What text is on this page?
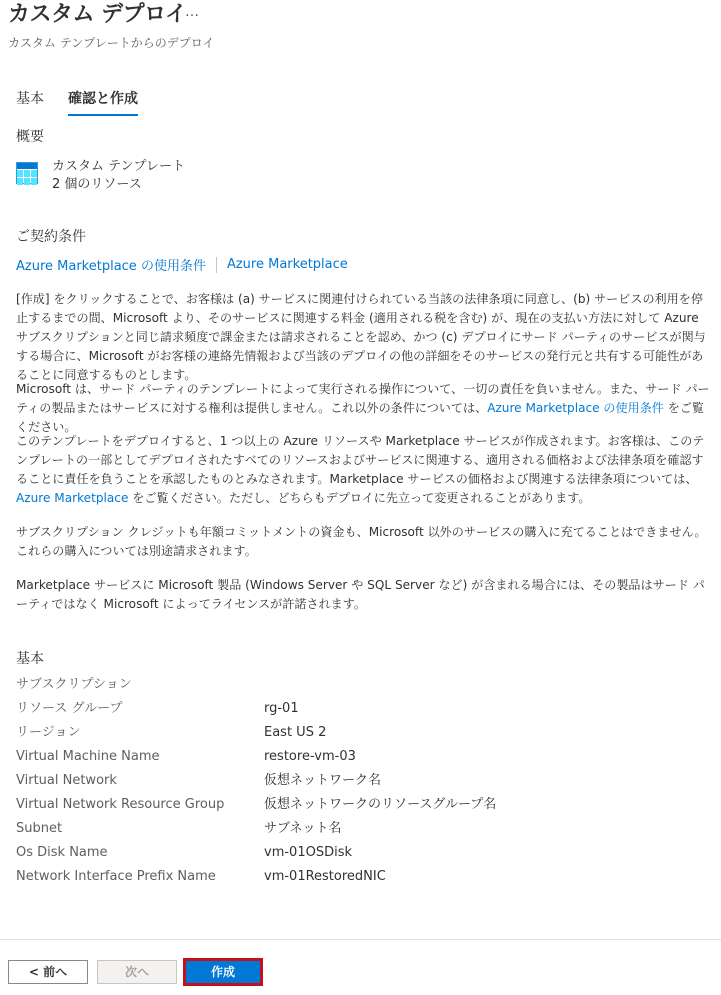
カスタム デプロイ
…
カスタム テンプレートからのデプロイ
基本 確認と作成
概要
カスタム テンプレート
2 個のリソース
ご契約条件
Azure Marketplace の使用条件 Azure Marketplace
[作成] をクリックすることで、お客様は (a) サービスに関連付けられている当該の法律条項に同意し、(b) サービスの利用を停止するまでの間、Microsoft より、そのサービスに関連する料金 (適用される税を含む) が、現在の支払い方法に対して Azure サブスクリプションと同じ請求頻度で課金または請求されることを認め、かつ (c) デプロイにサード パーティのサービスが関与する場合に、Microsoft がお客様の連絡先情報および当該のデプロイの他の詳細をそのサービスの発行元と共有する可能性があることに同意するものとします。
Microsoft は、サード パーティのテンプレートによって実行される操作について、一切の責任を負いません。また、サード パーティの製品またはサービスに対する権利は提供しません。これ以外の条件については、Azure Marketplace の使用条件 をご覧ください。
このテンプレートをデプロイすると、1 つ以上の Azure リソースや Marketplace サービスが作成されます。お客様は、このテンプレートの一部としてデプロイされたすべてのリソースおよびサービスに関連する、適用される価格および法律条項を確認することに責任を負うことを承認したものとみなされます。Marketplace サービスの価格および関連する法律条項については、Azure Marketplace をご覧ください。ただし、どちらもデプロイに先立って変更されることがあります。
サブスクリプション クレジットも年額コミットメントの資金も、Microsoft 以外のサービスの購入に充てることはできません。これらの購入については別途請求されます。
Marketplace サービスに Microsoft 製品 (Windows Server や SQL Server など) が含まれる場合には、その製品はサード パーティではなく Microsoft によってライセンスが許諾されます。
基本
サブスクリプション
リソース グループ	rg-01
リージョン	East US 2
Virtual Machine Name	restore-vm-03
Virtual Network	仮想ネットワーク名
Virtual Network Resource Group	仮想ネットワークのリソースグループ名
Subnet	サブネット名
Os Disk Name	vm-01OSDisk
Network Interface Prefix Name	vm-01RestoredNIC
< 前へ	次へ	作成
